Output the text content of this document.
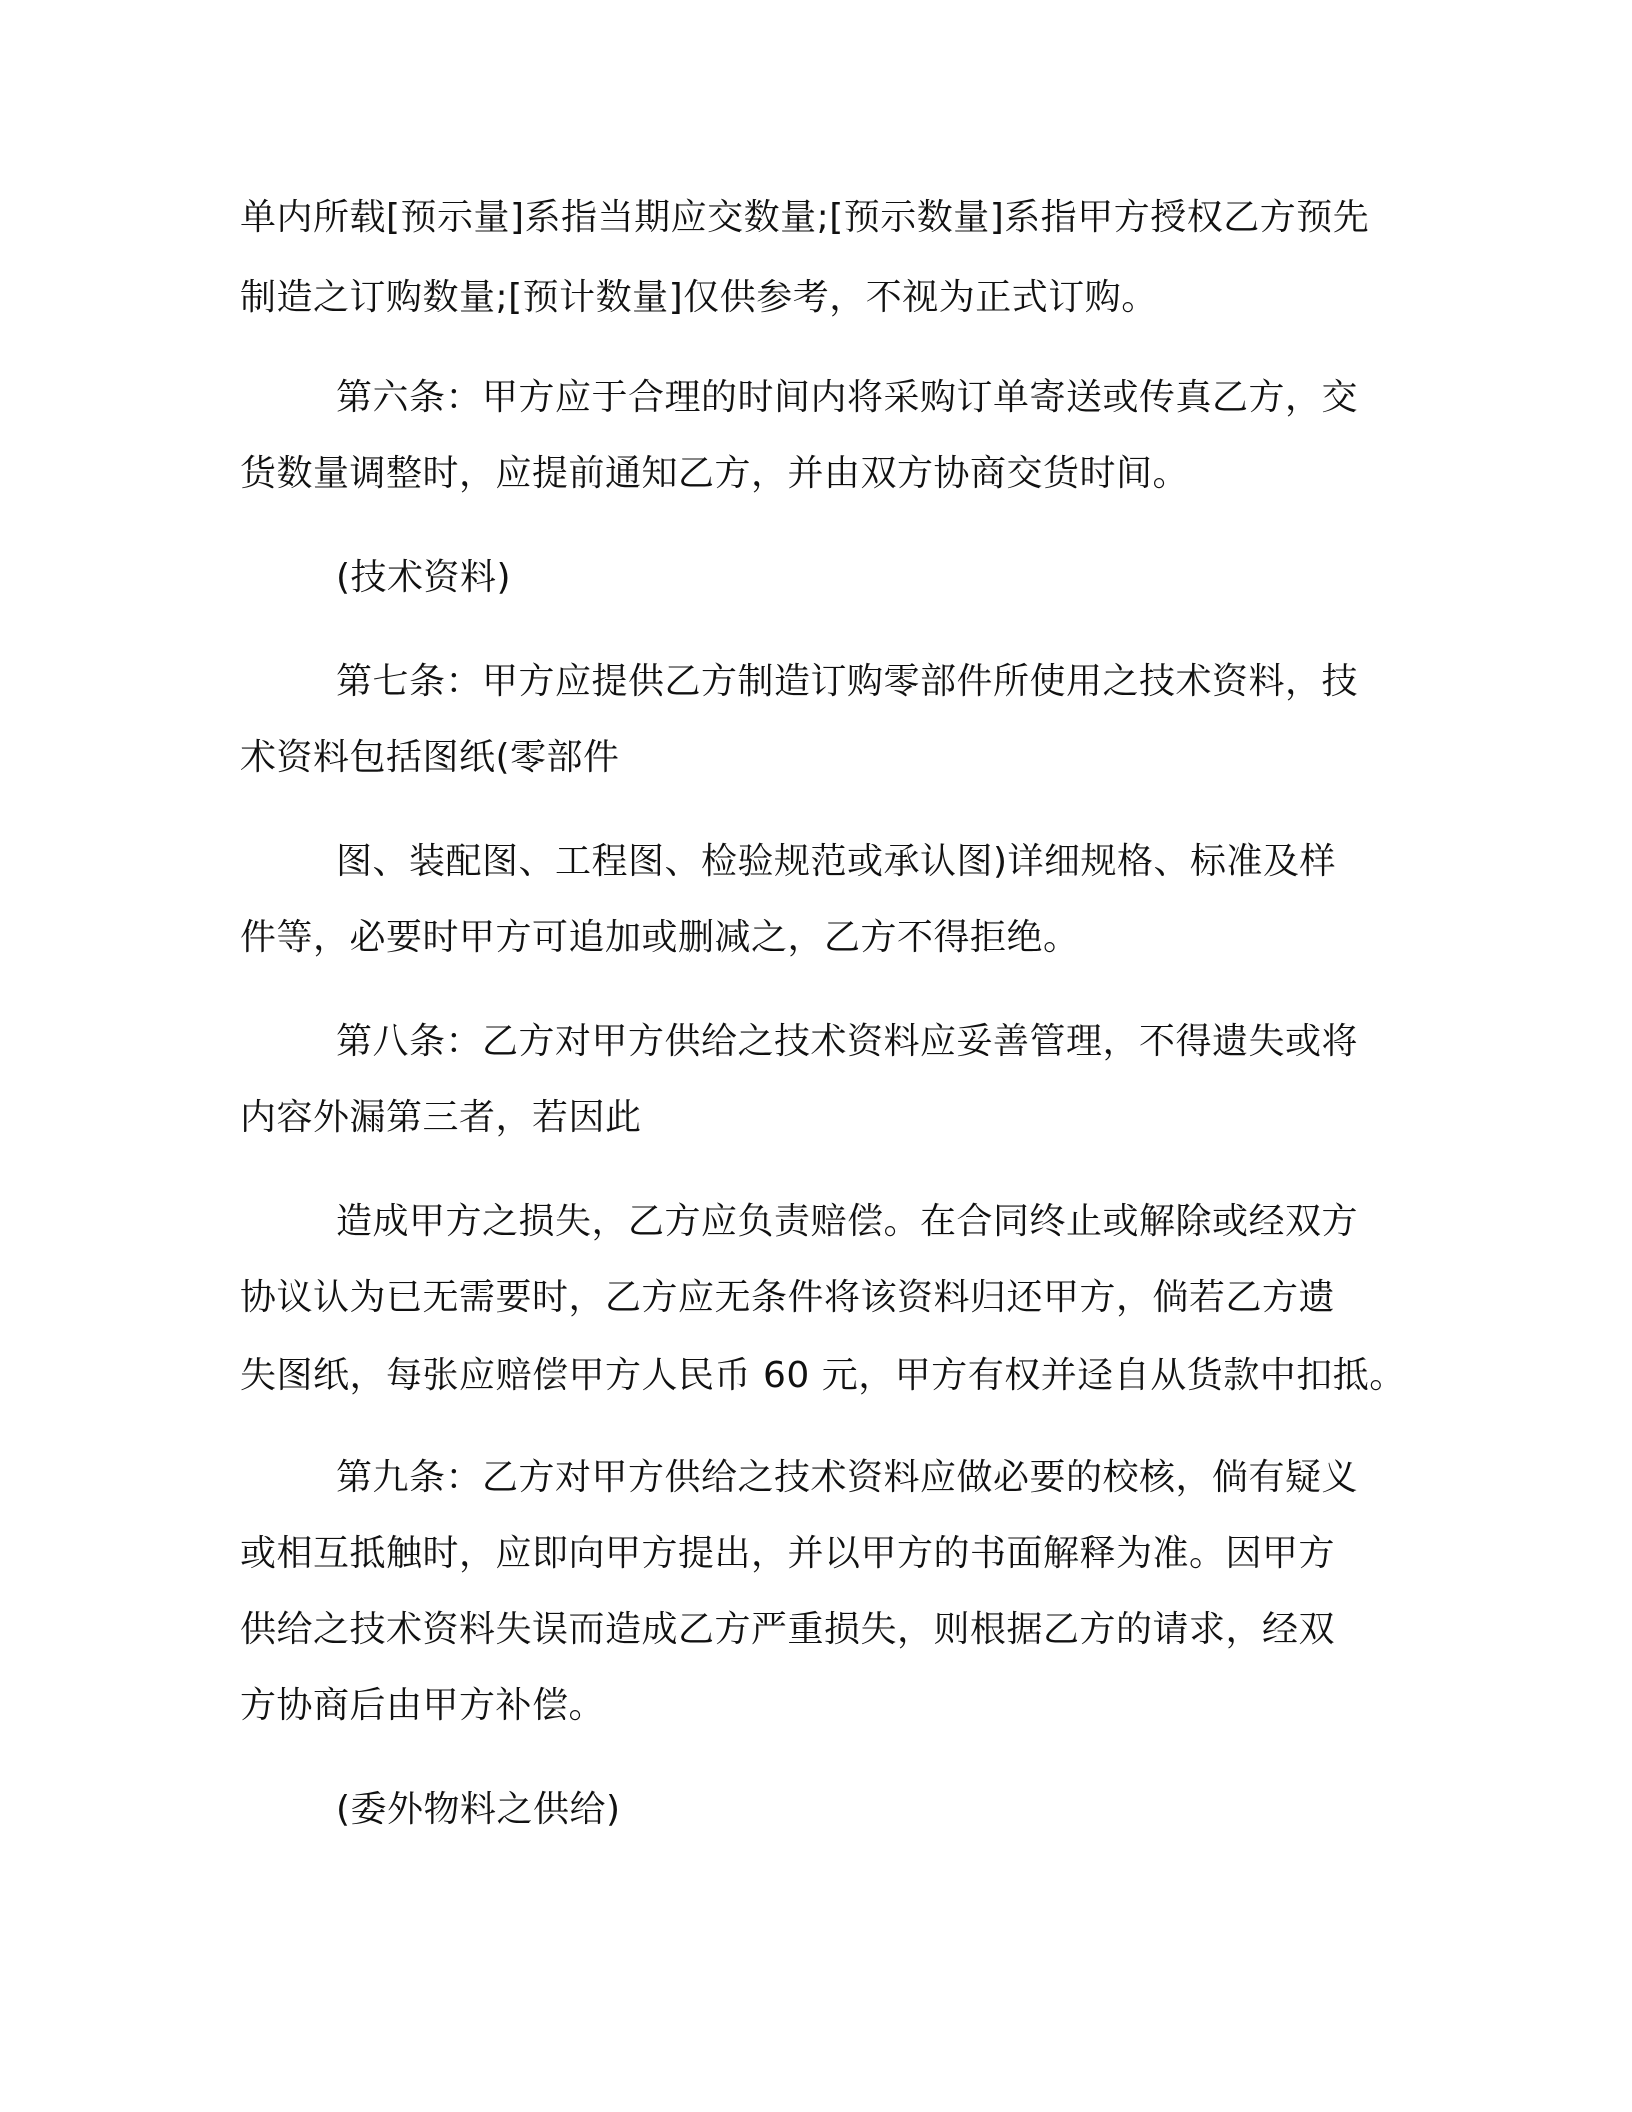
单内所载[预示量]系指当期应交数量;[预示数量]系指甲方授权乙方预先
制造之订购数量;[预计数量]仅供参考，不视为正式订购。
第六条：甲方应于合理的时间内将采购订单寄送或传真乙方，交
货数量调整时，应提前通知乙方，并由双方协商交货时间。
(技术资料)
第七条：甲方应提供乙方制造订购零部件所使用之技术资料，技
术资料包括图纸(零部件
图、装配图、工程图、检验规范或承认图)详细规格、标准及样
件等，必要时甲方可追加或删减之，乙方不得拒绝。
第八条：乙方对甲方供给之技术资料应妥善管理，不得遗失或将
内容外漏第三者，若因此
造成甲方之损失，乙方应负责赔偿。在合同终止或解除或经双方
协议认为已无需要时，乙方应无条件将该资料归还甲方，倘若乙方遗
失图纸，每张应赔偿甲方人民币 60 元，甲方有权并迳自从货款中扣抵。
第九条：乙方对甲方供给之技术资料应做必要的校核，倘有疑义
或相互抵触时，应即向甲方提出，并以甲方的书面解释为准。因甲方
供给之技术资料失误而造成乙方严重损失，则根据乙方的请求，经双
方协商后由甲方补偿。
(委外物料之供给)
